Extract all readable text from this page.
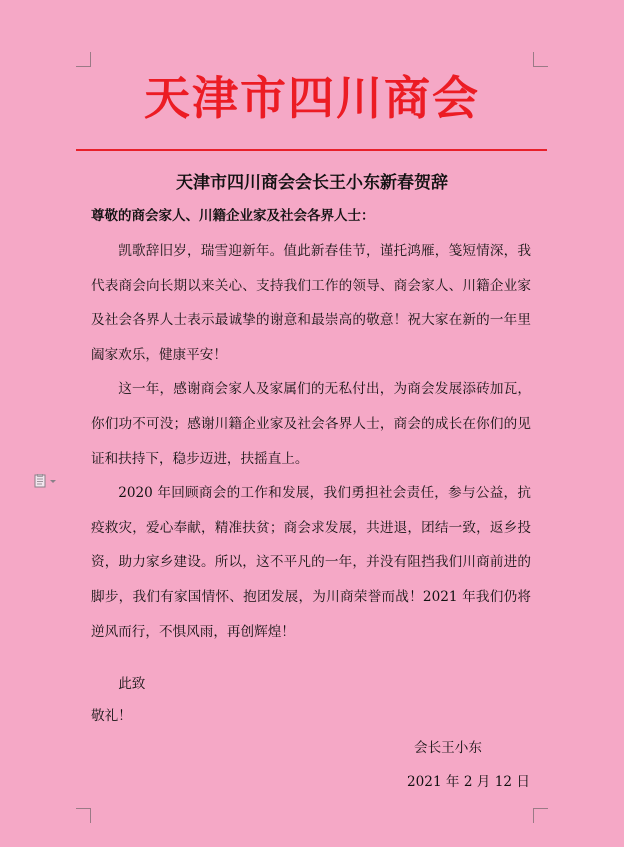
天津市四川商会
天津市四川商会会长王小东新春贺辞
尊敬的商会家人、川籍企业家及社会各界人士：

凯歌辞旧岁，瑞雪迎新年。值此新春佳节，谨托鸿雁，笺短情深，我代表商会向长期以来关心、支持我们工作的领导、商会家人、川籍企业家及社会各界人士表示最诚挚的谢意和最崇高的敬意！祝大家在新的一年里阖家欢乐，健康平安！

这一年，感谢商会家人及家属们的无私付出，为商会发展添砖加瓦，你们功不可没；感谢川籍企业家及社会各界人士，商会的成长在你们的见证和扶持下，稳步迈进，扶摇直上。

2020 年回顾商会的工作和发展，我们勇担社会责任，参与公益，抗疫救灾，爱心奉献，精准扶贫；商会求发展，共进退，团结一致，返乡投资，助力家乡建设。所以，这不平凡的一年，并没有阻挡我们川商前进的脚步，我们有家国情怀、抱团发展，为川商荣誉而战！2021 年我们仍将逆风而行，不惧风雨，再创辉煌！

此致
敬礼！
会长王小东
2021 年 2 月 12 日
